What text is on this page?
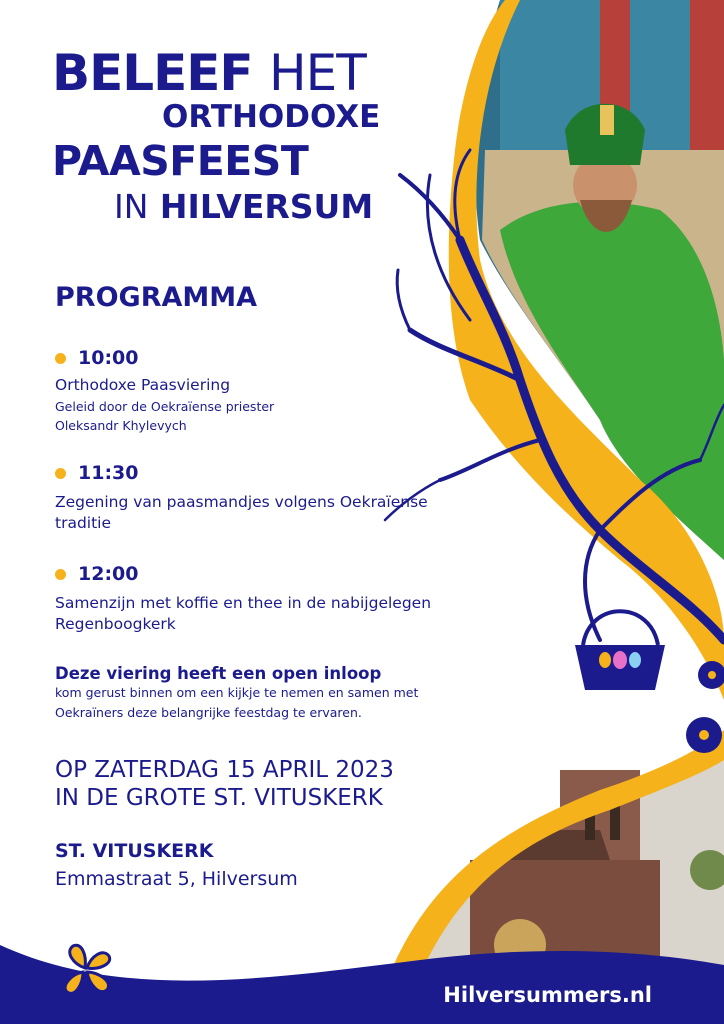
BELEEF HET
ORTHODOXE
PAASFEEST
IN HILVERSUM
PROGRAMMA
10:00
Orthodoxe Paasviering
Geleid door de Oekraïense priester
Oleksandr Khylevych
11:30
Zegening van paasmandjes volgens Oekraïense
traditie
12:00
Samenzijn met koffie en thee in de nabijgelegen
Regenboogkerk
Deze viering heeft een open inloop
kom gerust binnen om een kijkje te nemen en samen met
Oekraïners deze belangrijke feestdag te ervaren.
OP ZATERDAG 15 APRIL 2023
IN DE GROTE ST. VITUSKERK
ST. VITUSKERK
Emmastraat 5, Hilversum
Hilversummers.nl
